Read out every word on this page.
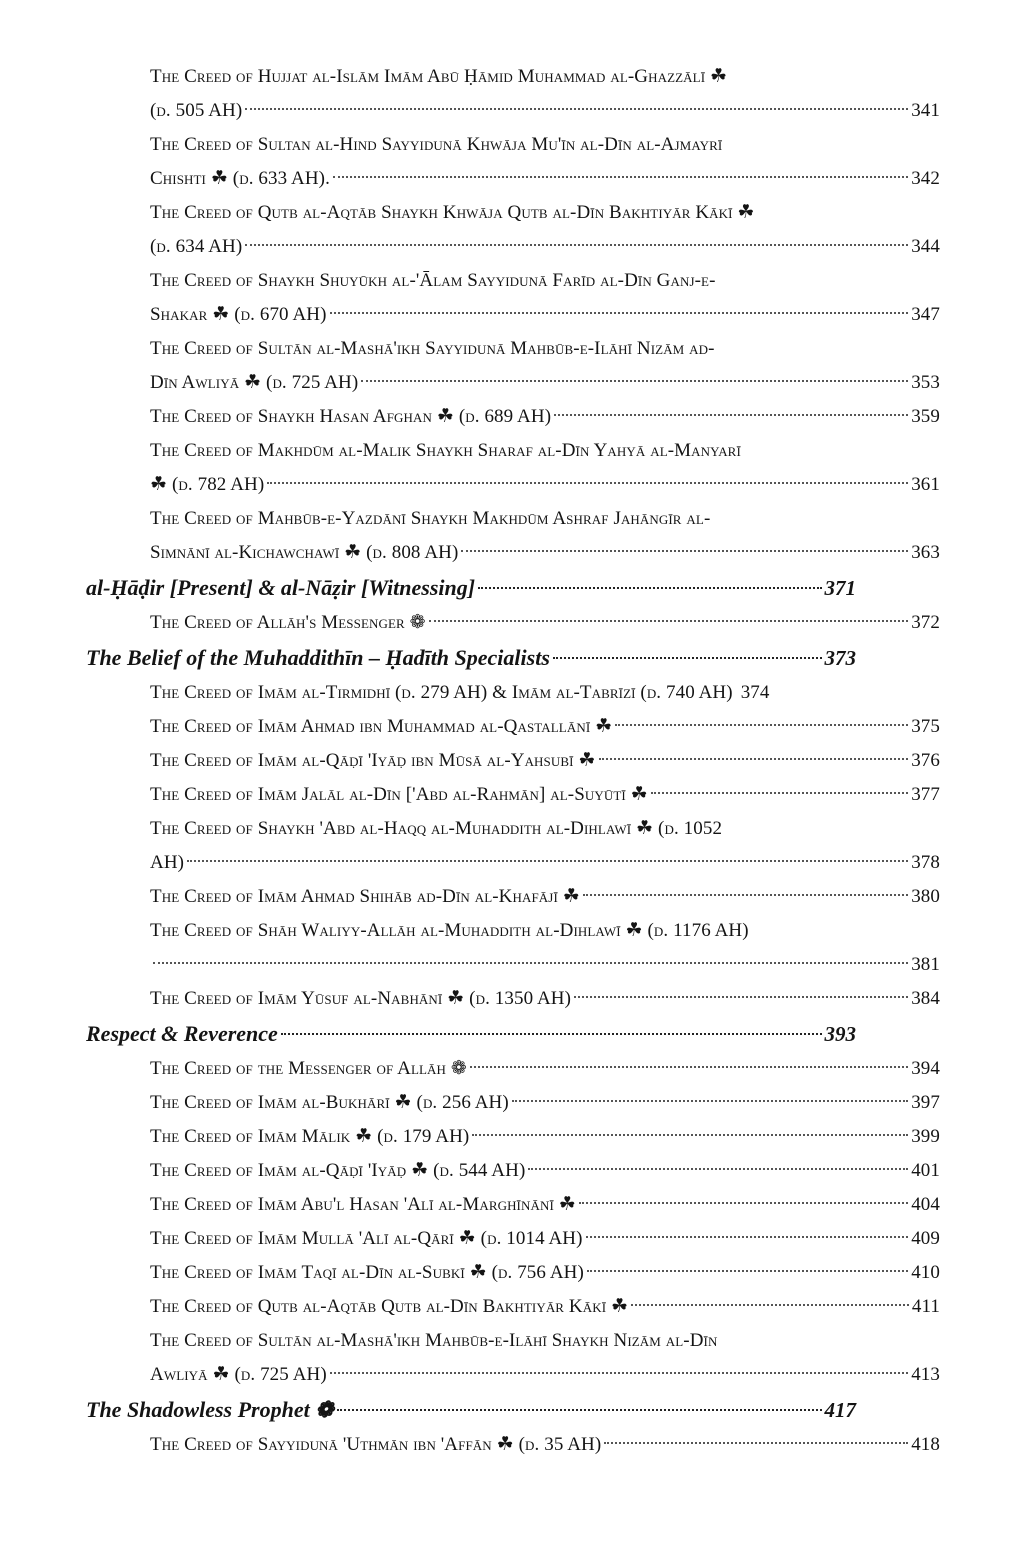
The Creed of Hujjat al-Islām Imām Abū Ḥāmid Muhammad al-Ghazzālī ☘
(d. 505 AH)	341
The Creed of Sultan al-Hind Sayyidunā Khwāja Mu'īn al-Dīn al-Ajmayrī
Chishti ☘ (d. 633 AH).	342
The Creed of Qutb al-Aqtāb Shaykh Khwāja Qutb al-Dīn Bakhtiyār Kākī ☘
(d. 634 AH)	344
The Creed of Shaykh Shuyūkh al-'Ālam Sayyidunā Farīd al-Dīn Ganj-e-
Shakar ☘ (d. 670 AH)	347
The Creed of Sultān al-Mashā'ikh Sayyidunā Mahbūb-e-Ilāhī Nizām ad-
Dīn Awliyā ☘ (d. 725 AH)	353
The Creed of Shaykh Hasan Afghan ☘ (d. 689 AH)	359
The Creed of Makhdūm al-Malik Shaykh Sharaf al-Dīn Yahyā al-Manyarī
☘ (d. 782 AH)	361
The Creed of Mahbūb-e-Yazdānī Shaykh Makhdūm Ashraf Jahāngīr al-
Simnānī al-Kichawchawī ☘ (d. 808 AH)	363
al-Ḥāḍir [Present] & al-Nāẓir [Witnessing]	371
The Creed of Allāh's Messenger ❁	372
The Belief of the Muhaddithīn – Ḥadīth Specialists	373
The Creed of Imām al-Tirmidhī (d. 279 AH) & Imām al-Tabrīzī (d. 740 AH) 374
The Creed of Imām Ahmad ibn Muhammad al-Qastallānī ☘	375
The Creed of Imām al-Qāḍī 'Iyāḍ ibn Mūsā al-Yahsubī ☘	376
The Creed of Imām Jalāl al-Dīn ['Abd al-Rahmān] al-Suyūtī ☘	377
The Creed of Shaykh 'Abd al-Haqq al-Muhaddith al-Dihlawī ☘ (d. 1052
AH)	378
The Creed of Imām Ahmad Shihāb ad-Dīn al-Khafājī ☘	380
The Creed of Shāh Waliyy-Allāh al-Muhaddith al-Dihlawī ☘ (d. 1176 AH)
381
The Creed of Imām Yūsuf al-Nabhānī ☘ (d. 1350 AH)	384
Respect & Reverence	393
The Creed of the Messenger of Allāh ❁	394
The Creed of Imām al-Bukhārī ☘ (d. 256 AH)	397
The Creed of Imām Mālik ☘ (d. 179 AH)	399
The Creed of Imām al-Qāḍī 'Iyāḍ ☘ (d. 544 AH)	401
The Creed of Imām Abu'l Hasan 'Alī al-Marghīnānī ☘	404
The Creed of Imām Mullā 'Alī al-Qārī ☘ (d. 1014 AH)	409
The Creed of Imām Taqī al-Dīn al-Subkī ☘ (d. 756 AH)	410
The Creed of Qutb al-Aqtāb Qutb al-Dīn Bakhtiyār Kākī ☘	411
The Creed of Sultān al-Mashā'ikh Mahbūb-e-Ilāhī Shaykh Nizām al-Dīn
Awliyā ☘ (d. 725 AH)	413
The Shadowless Prophet ❁	417
The Creed of Sayyidunā 'Uthmān ibn 'Affān ☘ (d. 35 AH)	418
